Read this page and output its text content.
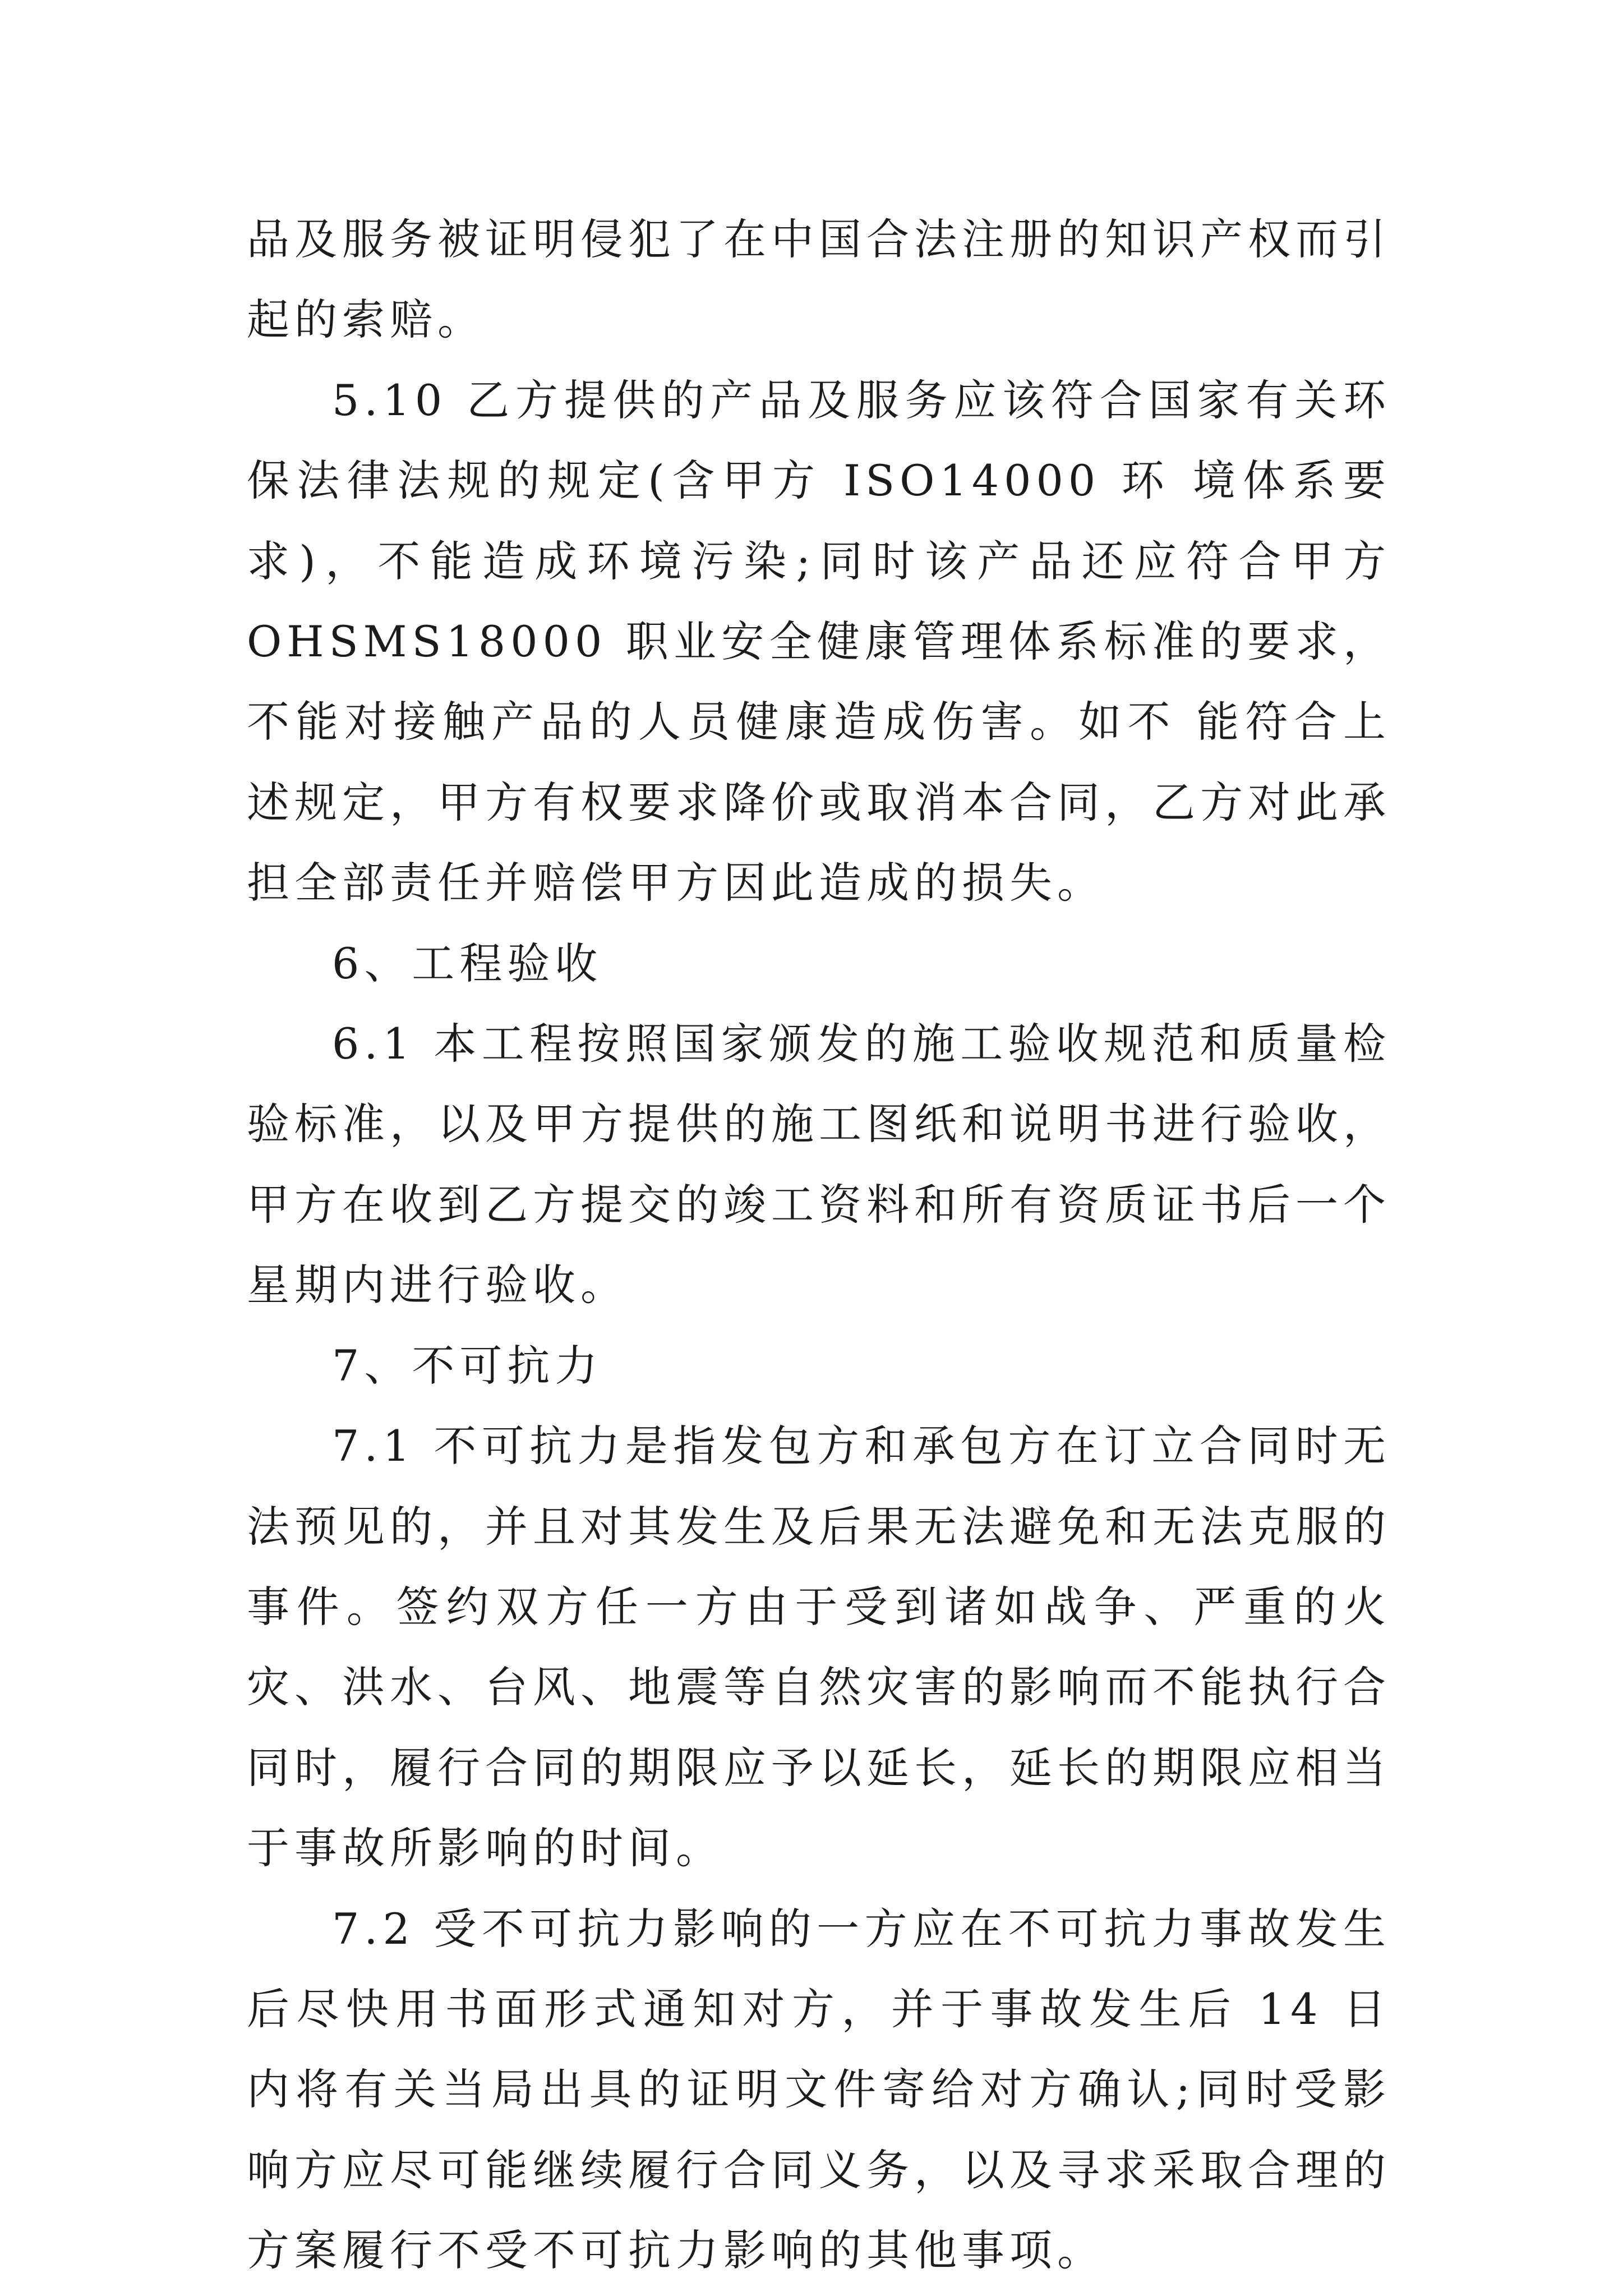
品及服务被证明侵犯了在中国合法注册的知识产权而引起的索赔。

5.10 乙方提供的产品及服务应该符合国家有关环保法律法规的规定(含甲方 ISO14000 环 境体系要求)，不能造成环境污染;同时该产品还应符合甲方 OHSMS18000 职业安全健康管理体系标准的要求，不能对接触产品的人员健康造成伤害。如不 能符合上述规定，甲方有权要求降价或取消本合同，乙方对此承担全部责任并赔偿甲方因此造成的损失。

6、工程验收

6.1 本工程按照国家颁发的施工验收规范和质量检验标准，以及甲方提供的施工图纸和说明书进行验收，甲方在收到乙方提交的竣工资料和所有资质证书后一个星期内进行验收。

7、不可抗力

7.1 不可抗力是指发包方和承包方在订立合同时无法预见的，并且对其发生及后果无法避免和无法克服的事件。签约双方任一方由于受到诸如战争、严重的火灾、洪水、台风、地震等自然灾害的影响而不能执行合同时，履行合同的期限应予以延长，延长的期限应相当于事故所影响的时间。

7.2 受不可抗力影响的一方应在不可抗力事故发生后尽快用书面形式通知对方，并于事故发生后 14 日内将有关当局出具的证明文件寄给对方确认;同时受影响方应尽可能继续履行合同义务，以及寻求采取合理的方案履行不受不可抗力影响的其他事项。
